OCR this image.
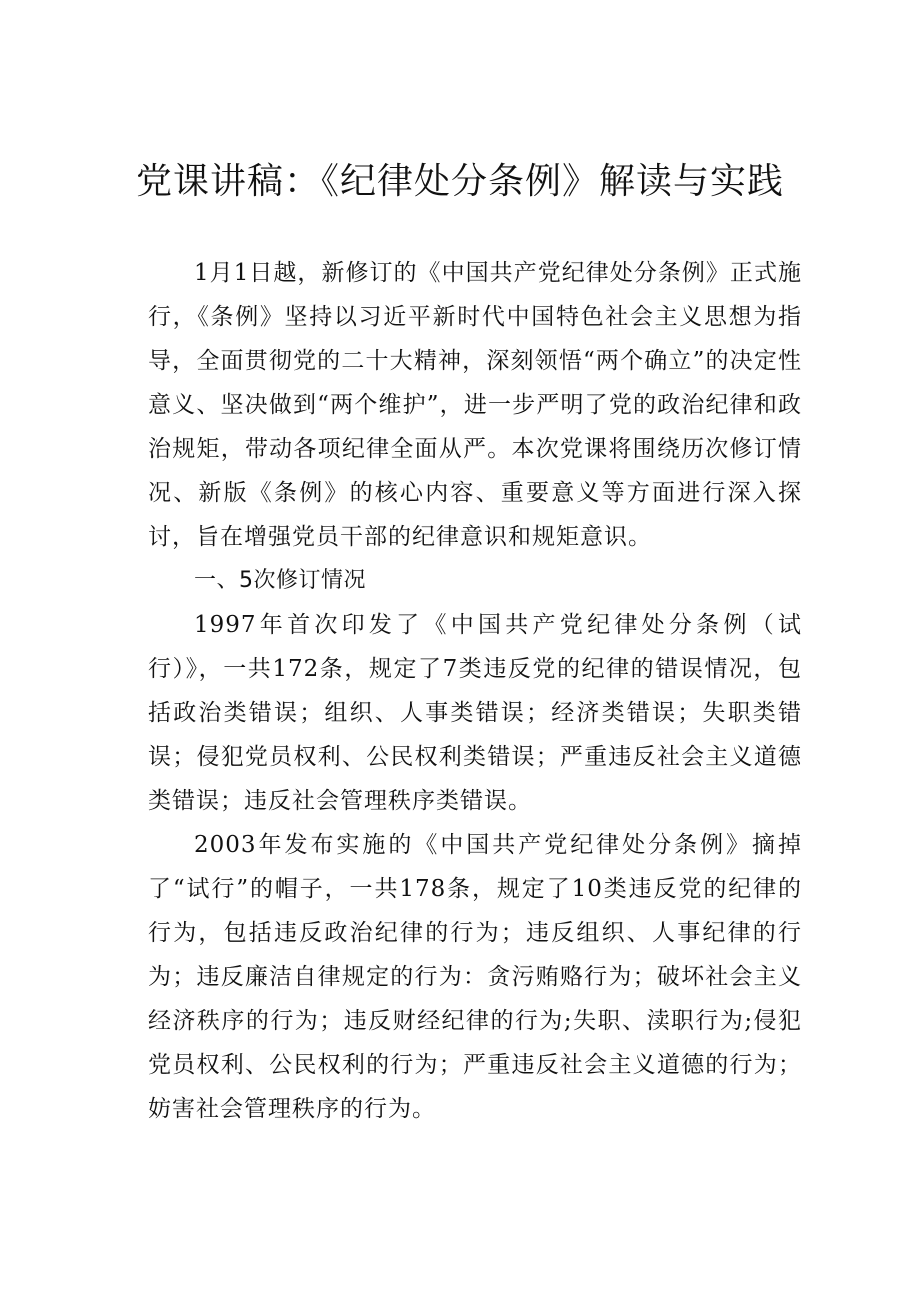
党课讲稿：《纪律处分条例》解读与实践

1月1日越，新修订的《中国共产党纪律处分条例》正式施行，《条例》坚持以习近平新时代中国特色社会主义思想为指导，全面贯彻党的二十大精神，深刻领悟“两个确立”的决定性意义、坚决做到“两个维护”，进一步严明了党的政治纪律和政治规矩，带动各项纪律全面从严。本次党课将围绕历次修订情况、新版《条例》的核心内容、重要意义等方面进行深入探讨，旨在增强党员干部的纪律意识和规矩意识。

一、5次修订情况

1997年首次印发了《中国共产党纪律处分条例（试行）》，一共172条，规定了7类违反党的纪律的错误情况，包括政治类错误；组织、人事类错误；经济类错误；失职类错误；侵犯党员权利、公民权利类错误；严重违反社会主义道德类错误；违反社会管理秩序类错误。

2003年发布实施的《中国共产党纪律处分条例》摘掉了“试行”的帽子，一共178条，规定了10类违反党的纪律的行为，包括违反政治纪律的行为；违反组织、人事纪律的行为；违反廉洁自律规定的行为：贪污贿赂行为；破坏社会主义经济秩序的行为；违反财经纪律的行为;失职、渎职行为;侵犯党员权利、公民权利的行为；严重违反社会主义道德的行为；妨害社会管理秩序的行为。
